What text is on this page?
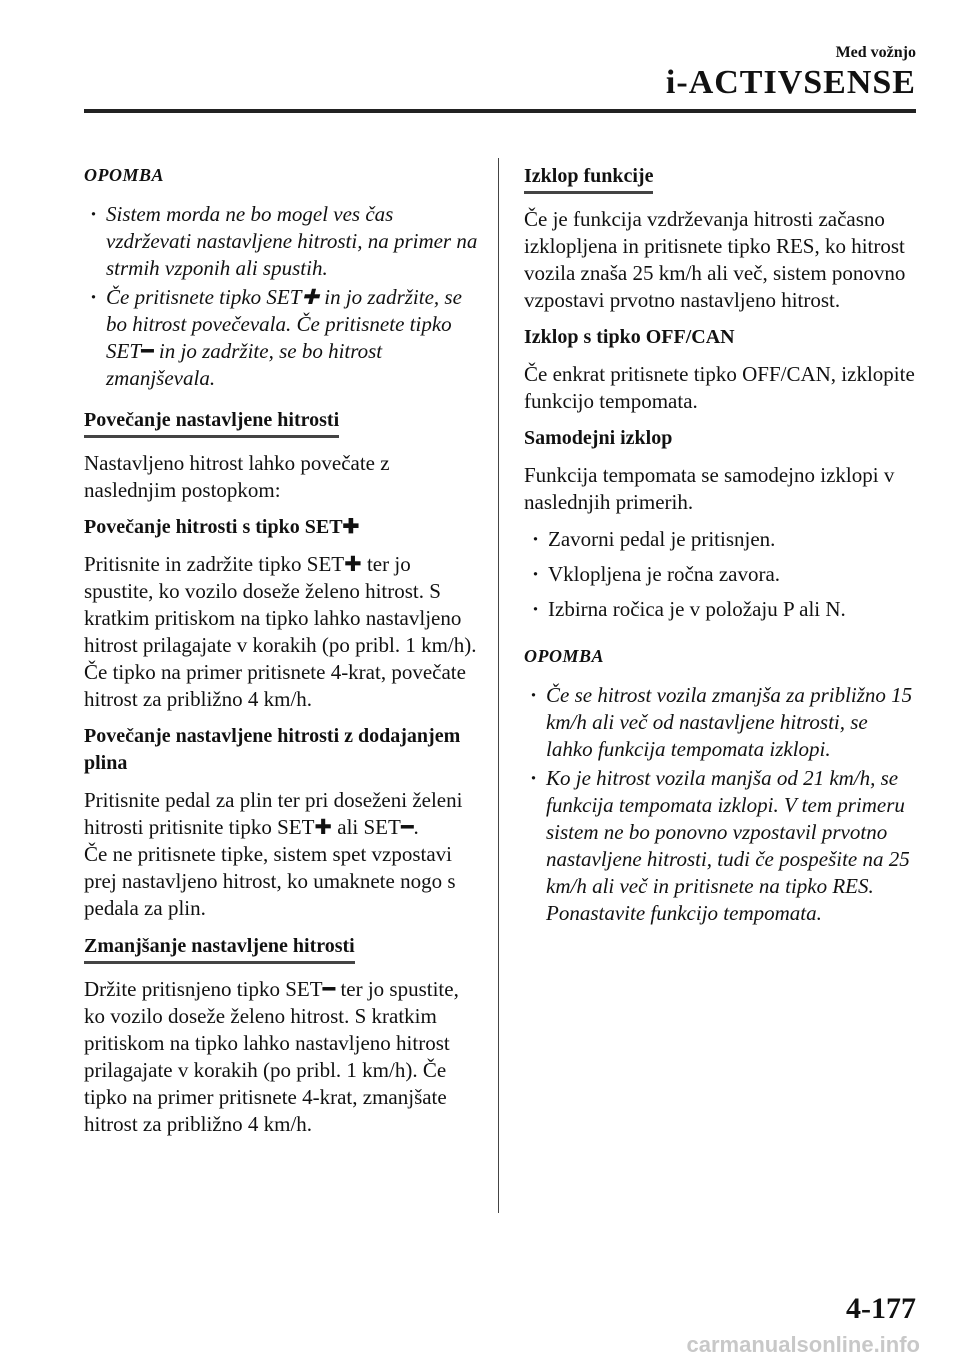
Med vožnjo
i-ACTIVSENSE
OPOMBA
· Sistem morda ne bo mogel ves čas vzdrževati nastavljene hitrosti, na primer na strmih vzponih ali spustih.
· Če pritisnete tipko SET✚ in jo zadržite, se bo hitrost povečevala. Če pritisnete tipko SET━ in jo zadržite, se bo hitrost zmanjševala.
Povečanje nastavljene hitrosti

Nastavljeno hitrost lahko povečate z naslednjim postopkom:

Povečanje hitrosti s tipko SET✚

Pritisnite in zadržite tipko SET✚ ter jo spustite, ko vozilo doseže želeno hitrost. S kratkim pritiskom na tipko lahko nastavljeno hitrost prilagajate v korakih (po pribl. 1 km/h). Če tipko na primer pritisnete 4-krat, povečate hitrost za približno 4 km/h.

Povečanje nastavljene hitrosti z dodajanjem plina

Pritisnite pedal za plin ter pri doseženi želeni hitrosti pritisnite tipko SET✚ ali SET━.

Če ne pritisnete tipke, sistem spet vzpostavi prej nastavljeno hitrost, ko umaknete nogo s pedala za plin.

Zmanjšanje nastavljene hitrosti

Držite pritisnjeno tipko SET━ ter jo spustite, ko vozilo doseže želeno hitrost. S kratkim pritiskom na tipko lahko nastavljeno hitrost prilagajate v korakih (po pribl. 1 km/h). Če tipko na primer pritisnete 4-krat, zmanjšate hitrost za približno 4 km/h.

Izklop funkcije

Če je funkcija vzdrževanja hitrosti začasno izklopljena in pritisnete tipko RES, ko hitrost vozila znaša 25 km/h ali več, sistem ponovno vzpostavi prvotno nastavljeno hitrost.

Izklop s tipko OFF/CAN

Če enkrat pritisnete tipko OFF/CAN, izklopite funkcijo tempomata.

Samodejni izklop

Funkcija tempomata se samodejno izklopi v naslednjih primerih.

· Zavorni pedal je pritisnjen.
· Vklopljena je ročna zavora.
· Izbirna ročica je v položaju P ali N.
OPOMBA
· Če se hitrost vozila zmanjša za približno 15 km/h ali več od nastavljene hitrosti, se lahko funkcija tempomata izklopi.
· Ko je hitrost vozila manjša od 21 km/h, se funkcija tempomata izklopi. V tem primeru sistem ne bo ponovno vzpostavil prvotno nastavljene hitrosti, tudi če pospešite na 25 km/h ali več in pritisnete na tipko RES. Ponastavite funkcijo tempomata.
4-177
carmanualsonline.info
